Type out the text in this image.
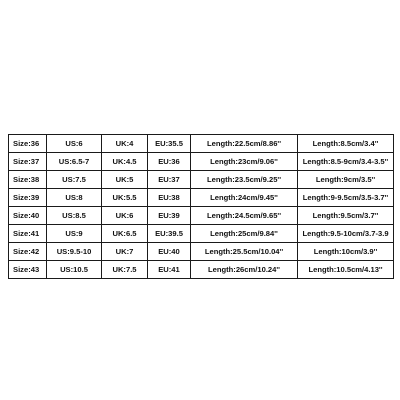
Size:36	US:6	UK:4	EU:35.5	Length:22.5cm/8.86''	Length:8.5cm/3.4''
Size:37	US:6.5-7	UK:4.5	EU:36	Length:23cm/9.06''	Length:8.5-9cm/3.4-3.5''
Size:38	US:7.5	UK:5	EU:37	Length:23.5cm/9.25''	Length:9cm/3.5''
Size:39	US:8	UK:5.5	EU:38	Length:24cm/9.45''	Length:9-9.5cm/3.5-3.7''
Size:40	US:8.5	UK:6	EU:39	Length:24.5cm/9.65''	Length:9.5cm/3.7''
Size:41	US:9	UK:6.5	EU:39.5	Length:25cm/9.84''	Length:9.5-10cm/3.7-3.9
Size:42	US:9.5-10	UK:7	EU:40	Length:25.5cm/10.04''	Length:10cm/3.9''
Size:43	US:10.5	UK:7.5	EU:41	Length:26cm/10.24''	Length:10.5cm/4.13''
